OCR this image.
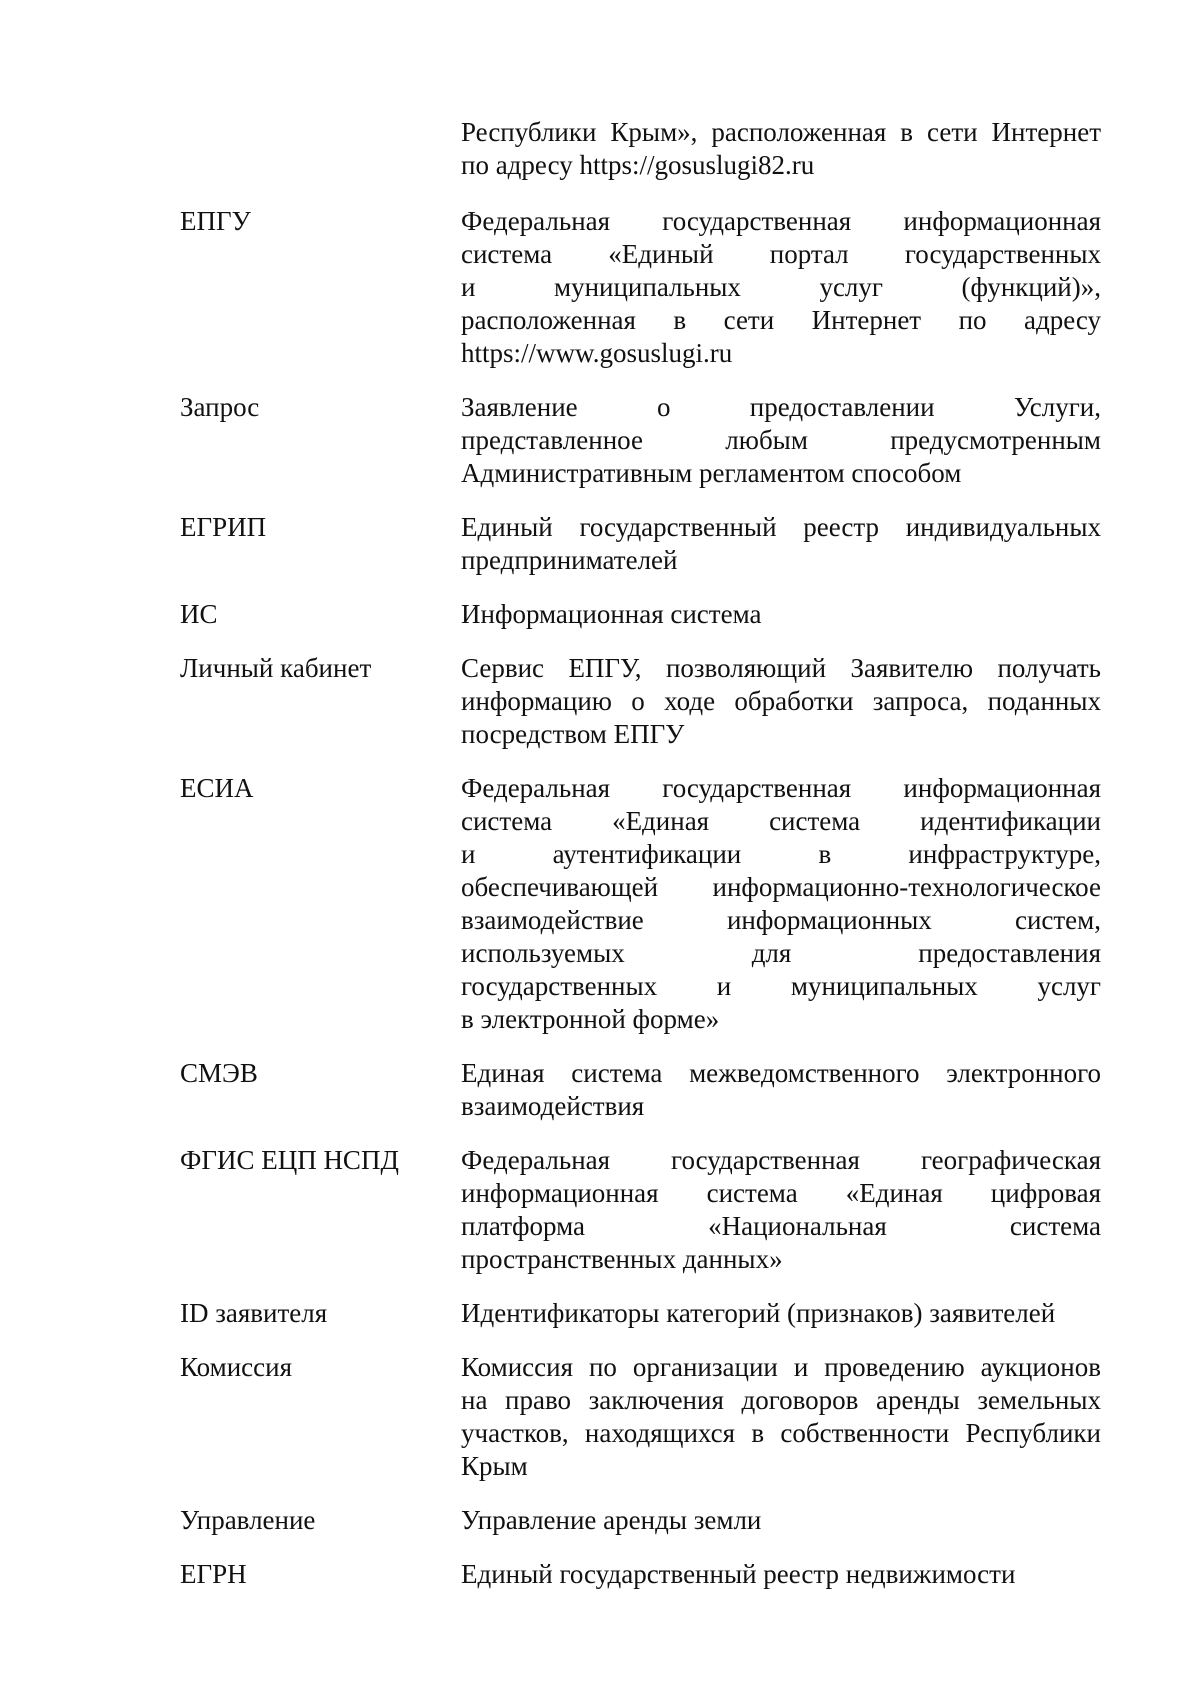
Республики Крым», расположенная в сети Интернет
по адресу https://gosuslugi82.ru
ЕПГУ	Федеральная государственная информационная
система «Единый портал государственных
и муниципальных услуг (функций)»,
расположенная в сети Интернет по адресу
https://www.gosuslugi.ru
Запрос	Заявление о предоставлении Услуги,
представленное любым предусмотренным
Административным регламентом способом
ЕГРИП	Единый государственный реестр индивидуальных
предпринимателей
ИС	Информационная система
Личный кабинет	Сервис ЕПГУ, позволяющий Заявителю получать
информацию о ходе обработки запроса, поданных
посредством ЕПГУ
ЕСИА	Федеральная государственная информационная
система «Единая система идентификации
и аутентификации в инфраструктуре,
обеспечивающей информационно-технологическое
взаимодействие информационных систем,
используемых для предоставления
государственных и муниципальных услуг
в электронной форме»
СМЭВ	Единая система межведомственного электронного
взаимодействия
ФГИС ЕЦП НСПД	Федеральная государственная географическая
информационная система «Единая цифровая
платформа «Национальная система
пространственных данных»
ID заявителя	Идентификаторы категорий (признаков) заявителей
Комиссия	Комиссия по организации и проведению аукционов
на право заключения договоров аренды земельных
участков, находящихся в собственности Республики
Крым
Управление	Управление аренды земли
ЕГРН	Единый государственный реестр недвижимости
